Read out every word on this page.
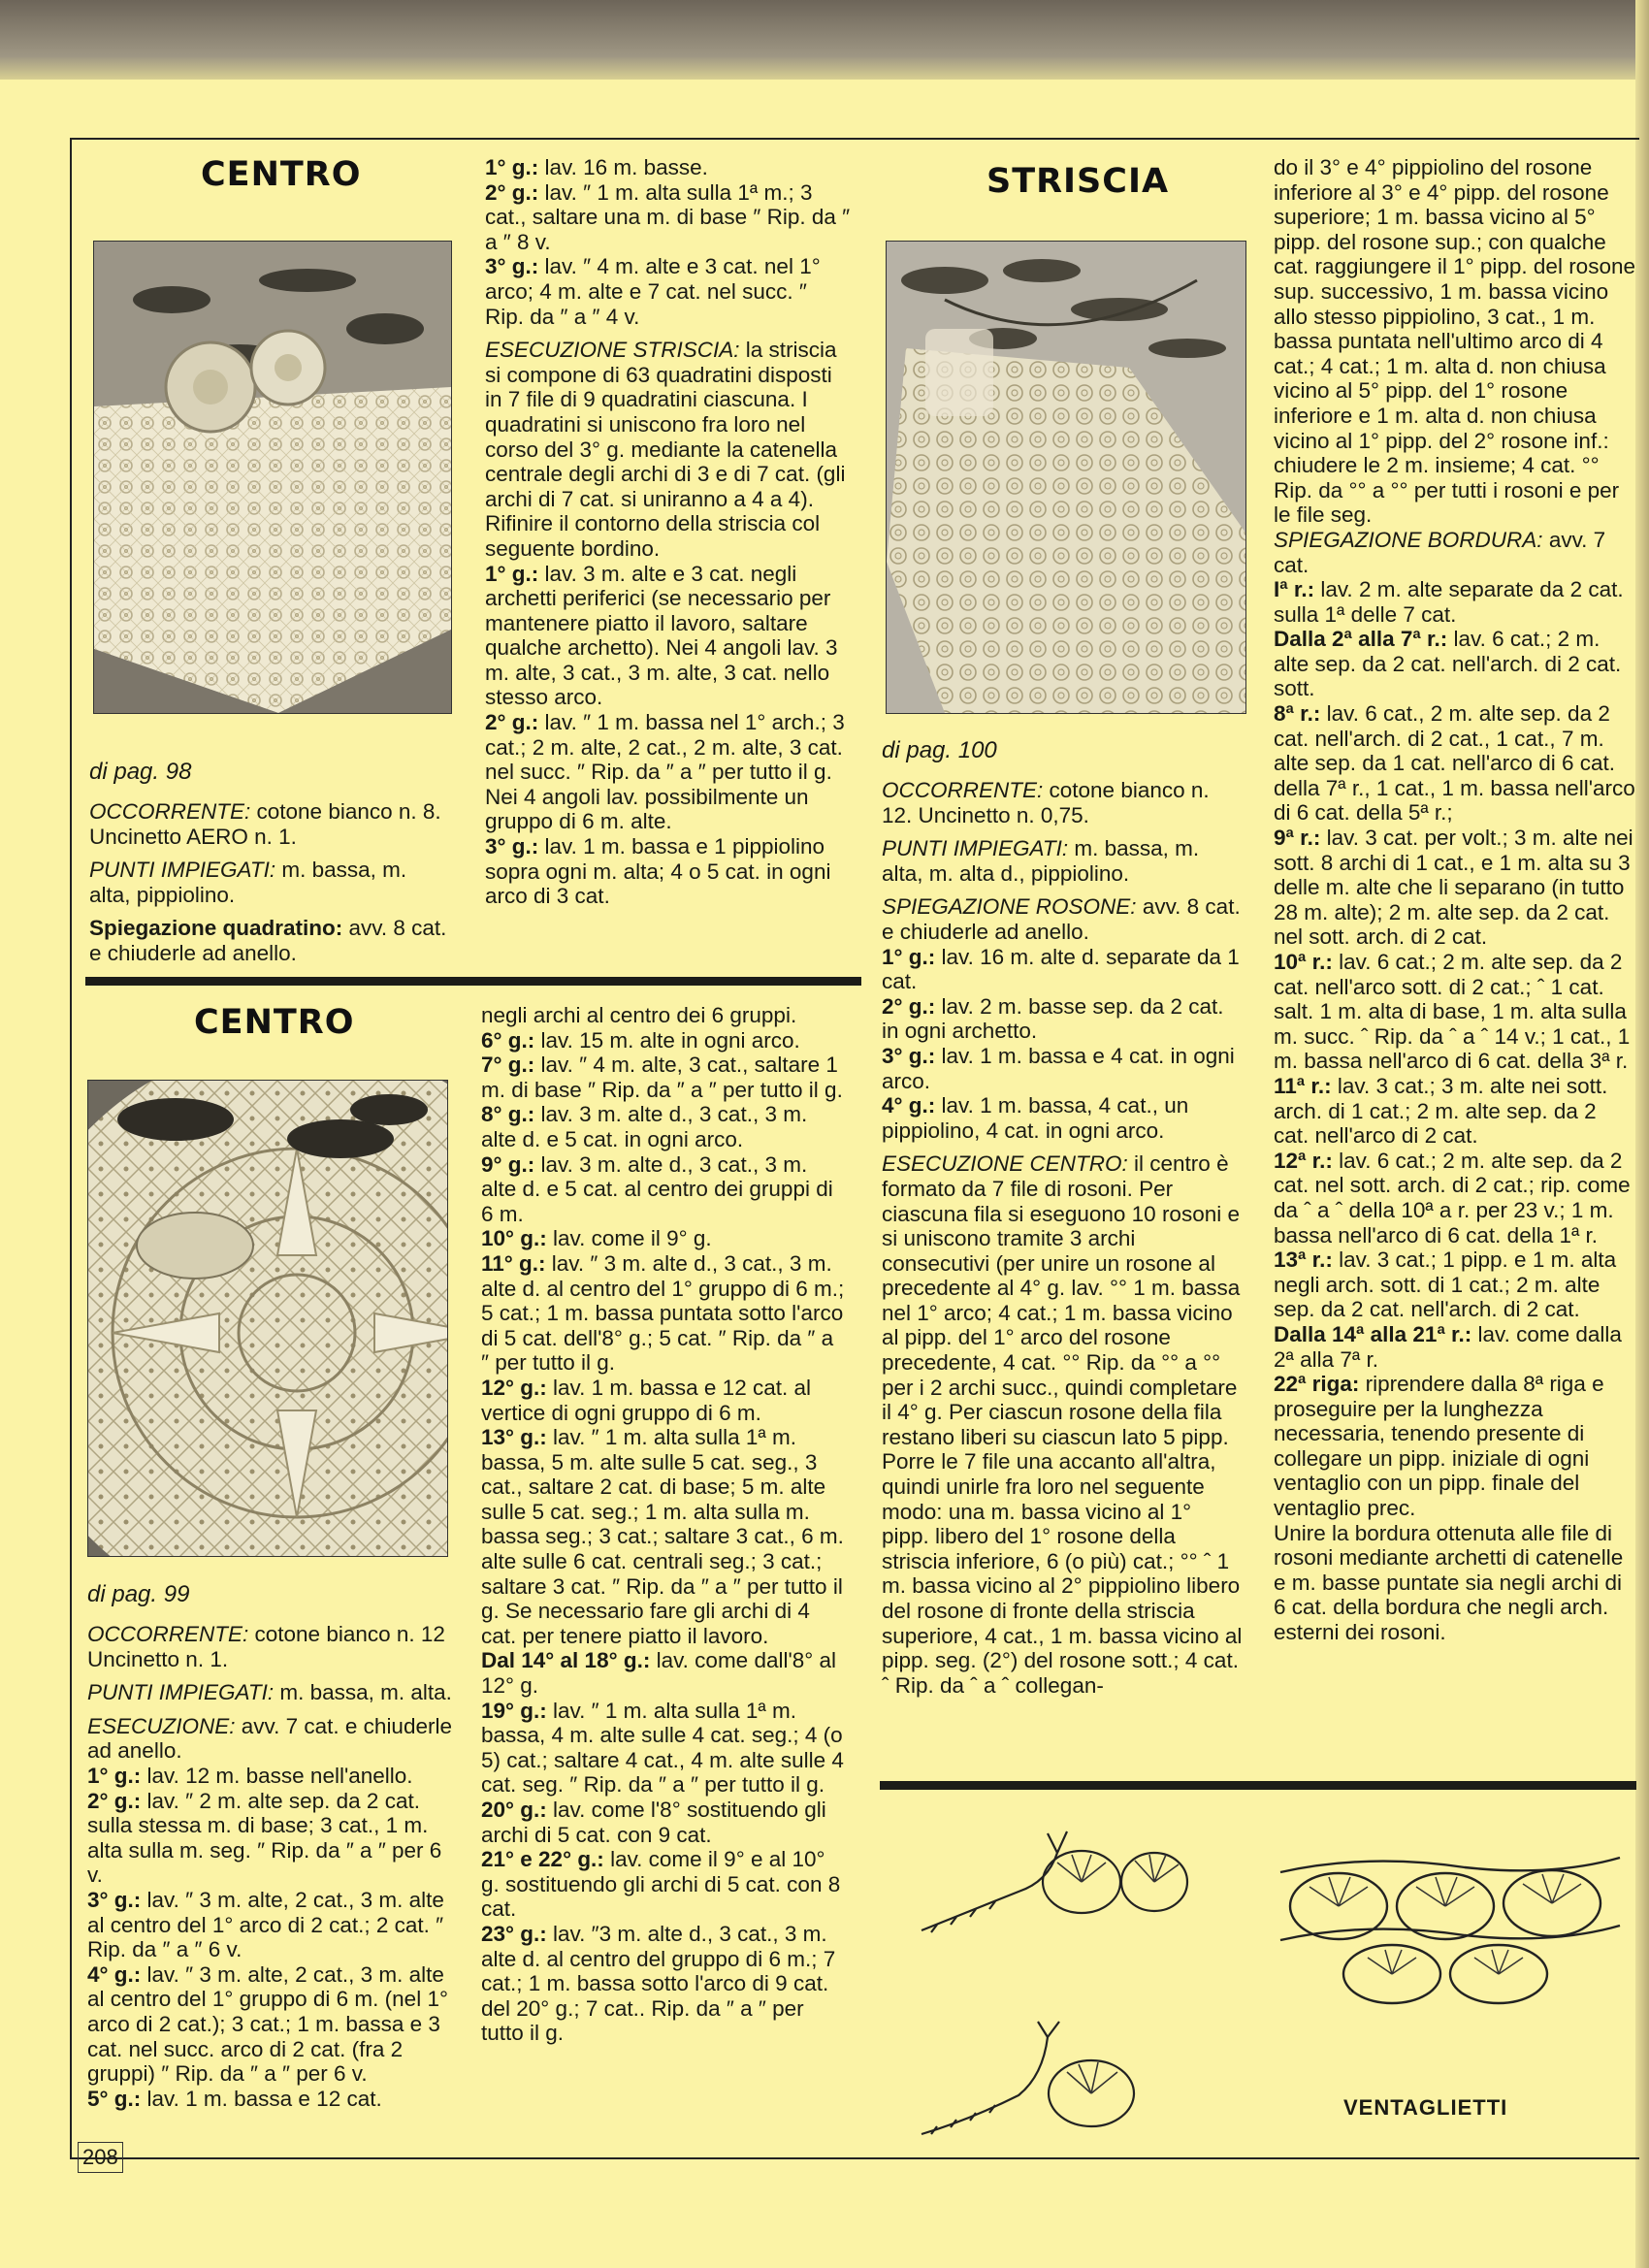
CENTRO
di pag. 98

OCCORRENTE: cotone bianco n. 8. Uncinetto AERO n. 1.

PUNTI IMPIEGATI: m. bassa, m. alta, pippiolino.

Spiegazione quadratino: avv. 8 cat. e chiuderle ad anello.

1° g.: lav. 16 m. basse.

2° g.: lav. ″ 1 m. alta sulla 1ª m.; 3 cat., saltare una m. di base ″ Rip. da ″ a ″ 8 v.

3° g.: lav. ″ 4 m. alte e 3 cat. nel 1° arco; 4 m. alte e 7 cat. nel succ. ″ Rip. da ″ a ″ 4 v.

ESECUZIONE STRISCIA: la striscia si compone di 63 quadratini disposti in 7 file di 9 quadratini ciascuna. I quadratini si uniscono fra loro nel corso del 3° g. mediante la catenella centrale degli archi di 3 e di 7 cat. (gli archi di 7 cat. si uniranno a 4 a 4).

Rifinire il contorno della striscia col seguente bordino.

1° g.: lav. 3 m. alte e 3 cat. negli archetti periferici (se necessario per mantenere piatto il lavoro, saltare qualche archetto). Nei 4 angoli lav. 3 m. alte, 3 cat., 3 m. alte, 3 cat. nello stesso arco.

2° g.: lav. ″ 1 m. bassa nel 1° arch.; 3 cat.; 2 m. alte, 2 cat., 2 m. alte, 3 cat. nel succ. ″ Rip. da ″ a ″ per tutto il g. Nei 4 angoli lav. possibilmente un gruppo di 6 m. alte.

3° g.: lav. 1 m. bassa e 1 pippiolino sopra ogni m. alta; 4 o 5 cat. in ogni arco di 3 cat.

CENTRO
di pag. 99

OCCORRENTE: cotone bianco n. 12 Uncinetto n. 1.

PUNTI IMPIEGATI: m. bassa, m. alta.

ESECUZIONE: avv. 7 cat. e chiuderle ad anello.

1° g.: lav. 12 m. basse nell'anello.

2° g.: lav. ″ 2 m. alte sep. da 2 cat. sulla stessa m. di base; 3 cat., 1 m. alta sulla m. seg. ″ Rip. da ″ a ″ per 6 v.

3° g.: lav. ″ 3 m. alte, 2 cat., 3 m. alte al centro del 1° arco di 2 cat.; 2 cat. ″ Rip. da ″ a ″ 6 v.

4° g.: lav. ″ 3 m. alte, 2 cat., 3 m. alte al centro del 1° gruppo di 6 m. (nel 1° arco di 2 cat.); 3 cat.; 1 m. bassa e 3 cat. nel succ. arco di 2 cat. (fra 2 gruppi) ″ Rip. da ″ a ″ per 6 v.

5° g.: lav. 1 m. bassa e 12 cat.

negli archi al centro dei 6 gruppi.

6° g.: lav. 15 m. alte in ogni arco.

7° g.: lav. ″ 4 m. alte, 3 cat., saltare 1 m. di base ″ Rip. da ″ a ″ per tutto il g.

8° g.: lav. 3 m. alte d., 3 cat., 3 m. alte d. e 5 cat. in ogni arco.

9° g.: lav. 3 m. alte d., 3 cat., 3 m. alte d. e 5 cat. al centro dei gruppi di 6 m.

10° g.: lav. come il 9° g.

11° g.: lav. ″ 3 m. alte d., 3 cat., 3 m. alte d. al centro del 1° gruppo di 6 m.; 5 cat.; 1 m. bassa puntata sotto l'arco di 5 cat. dell'8° g.; 5 cat. ″ Rip. da ″ a ″ per tutto il g.

12° g.: lav. 1 m. bassa e 12 cat. al vertice di ogni gruppo di 6 m.

13° g.: lav. ″ 1 m. alta sulla 1ª m. bassa, 5 m. alte sulle 5 cat. seg., 3 cat., saltare 2 cat. di base; 5 m. alte sulle 5 cat. seg.; 1 m. alta sulla m. bassa seg.; 3 cat.; saltare 3 cat., 6 m. alte sulle 6 cat. centrali seg.; 3 cat.; saltare 3 cat. ″ Rip. da ″ a ″ per tutto il g. Se necessario fare gli archi di 4 cat. per tenere piatto il lavoro.

Dal 14° al 18° g.: lav. come dall'8° al 12° g.

19° g.: lav. ″ 1 m. alta sulla 1ª m. bassa, 4 m. alte sulle 4 cat. seg.; 4 (o 5) cat.; saltare 4 cat., 4 m. alte sulle 4 cat. seg. ″ Rip. da ″ a ″ per tutto il g.

20° g.: lav. come l'8° sostituendo gli archi di 5 cat. con 9 cat.

21° e 22° g.: lav. come il 9° e al 10° g. sostituendo gli archi di 5 cat. con 8 cat.

23° g.: lav. ″3 m. alte d., 3 cat., 3 m. alte d. al centro del gruppo di 6 m.; 7 cat.; 1 m. bassa sotto l'arco di 9 cat. del 20° g.; 7 cat.. Rip. da ″ a ″ per tutto il g.

STRISCIA
di pag. 100

OCCORRENTE: cotone bianco n. 12. Uncinetto n. 0,75.

PUNTI IMPIEGATI: m. bassa, m. alta, m. alta d., pippiolino.

SPIEGAZIONE ROSONE: avv. 8 cat. e chiuderle ad anello.

1° g.: lav. 16 m. alte d. separate da 1 cat.

2° g.: lav. 2 m. basse sep. da 2 cat. in ogni archetto.

3° g.: lav. 1 m. bassa e 4 cat. in ogni arco.

4° g.: lav. 1 m. bassa, 4 cat., un pippiolino, 4 cat. in ogni arco.

ESECUZIONE CENTRO: il centro è formato da 7 file di rosoni. Per ciascuna fila si eseguono 10 rosoni e si uniscono tramite 3 archi consecutivi (per unire un rosone al precedente al 4° g. lav. °° 1 m. bassa nel 1° arco; 4 cat.; 1 m. bassa vicino al pipp. del 1° arco del rosone precedente, 4 cat. °° Rip. da °° a °° per i 2 archi succ., quindi completare il 4° g. Per ciascun rosone della fila restano liberi su ciascun lato 5 pipp. Porre le 7 file una accanto all'altra, quindi unirle fra loro nel seguente modo: una m. bassa vicino al 1° pipp. libero del 1° rosone della striscia inferiore, 6 (o più) cat.; °° ˆ 1 m. bassa vicino al 2° pippiolino libero del rosone di fronte della striscia superiore, 4 cat., 1 m. bassa vicino al pipp. seg. (2°) del rosone sott.; 4 cat. ˆ Rip. da ˆ a ˆ collegan-

do il 3° e 4° pippiolino del rosone inferiore al 3° e 4° pipp. del rosone superiore; 1 m. bassa vicino al 5° pipp. del rosone sup.; con qualche cat. raggiungere il 1° pipp. del rosone sup. successivo, 1 m. bassa vicino allo stesso pippiolino, 3 cat., 1 m. bassa puntata nell'ultimo arco di 4 cat.; 4 cat.; 1 m. alta d. non chiusa vicino al 5° pipp. del 1° rosone inferiore e 1 m. alta d. non chiusa vicino al 1° pipp. del 2° rosone inf.: chiudere le 2 m. insieme; 4 cat. °° Rip. da °° a °° per tutti i rosoni e per le file seg.

SPIEGAZIONE BORDURA: avv. 7 cat.

Iª r.: lav. 2 m. alte separate da 2 cat. sulla 1ª delle 7 cat.

Dalla 2ª alla 7ª r.: lav. 6 cat.; 2 m. alte sep. da 2 cat. nell'arch. di 2 cat. sott.

8ª r.: lav. 6 cat., 2 m. alte sep. da 2 cat. nell'arch. di 2 cat., 1 cat., 7 m. alte sep. da 1 cat. nell'arco di 6 cat. della 7ª r., 1 cat., 1 m. bassa nell'arco di 6 cat. della 5ª r.;

9ª r.: lav. 3 cat. per volt.; 3 m. alte nei sott. 8 archi di 1 cat., e 1 m. alta su 3 delle m. alte che li separano (in tutto 28 m. alte); 2 m. alte sep. da 2 cat. nel sott. arch. di 2 cat.

10ª r.: lav. 6 cat.; 2 m. alte sep. da 2 cat. nell'arco sott. di 2 cat.; ˆ 1 cat. salt. 1 m. alta di base, 1 m. alta sulla m. succ. ˆ Rip. da ˆ a ˆ 14 v.; 1 cat., 1 m. bassa nell'arco di 6 cat. della 3ª r.

11ª r.: lav. 3 cat.; 3 m. alte nei sott. arch. di 1 cat.; 2 m. alte sep. da 2 cat. nell'arco di 2 cat.

12ª r.: lav. 6 cat.; 2 m. alte sep. da 2 cat. nel sott. arch. di 2 cat.; rip. come da ˆ a ˆ della 10ª a r. per 23 v.; 1 m. bassa nell'arco di 6 cat. della 1ª r.

13ª r.: lav. 3 cat.; 1 pipp. e 1 m. alta negli arch. sott. di 1 cat.; 2 m. alte sep. da 2 cat. nell'arch. di 2 cat.

Dalla 14ª alla 21ª r.: lav. come dalla 2ª alla 7ª r.

22ª riga: riprendere dalla 8ª riga e proseguire per la lunghezza necessaria, tenendo presente di collegare un pipp. iniziale di ogni ventaglio con un pipp. finale del ventaglio prec.

Unire la bordura ottenuta alle file di rosoni mediante archetti di catenelle e m. basse puntate sia negli archi di 6 cat. della bordura che negli arch. esterni dei rosoni.

VENTAGLIETTI
208
